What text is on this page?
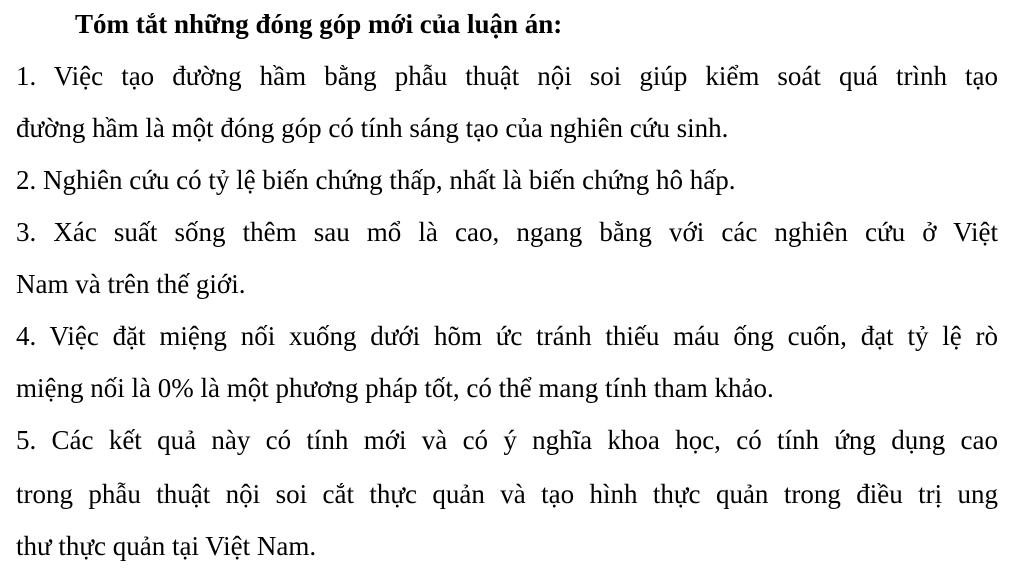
Tóm tắt những đóng góp mới của luận án:
1. Việc tạo đường hầm bằng phẫu thuật nội soi giúp kiểm soát quá trình tạo
đường hầm là một đóng góp có tính sáng tạo của nghiên cứu sinh.
2. Nghiên cứu có tỷ lệ biến chứng thấp, nhất là biến chứng hô hấp.
3. Xác suất sống thêm sau mổ là cao, ngang bằng với các nghiên cứu ở Việt
Nam và trên thế giới.
4. Việc đặt miệng nối xuống dưới hõm ức tránh thiếu máu ống cuốn, đạt tỷ lệ rò
miệng nối là 0% là một phương pháp tốt, có thể mang tính tham khảo.
5. Các kết quả này có tính mới và có ý nghĩa khoa học, có tính ứng dụng cao
trong phẫu thuật nội soi cắt thực quản và tạo hình thực quản trong điều trị ung
thư thực quản tại Việt Nam.
